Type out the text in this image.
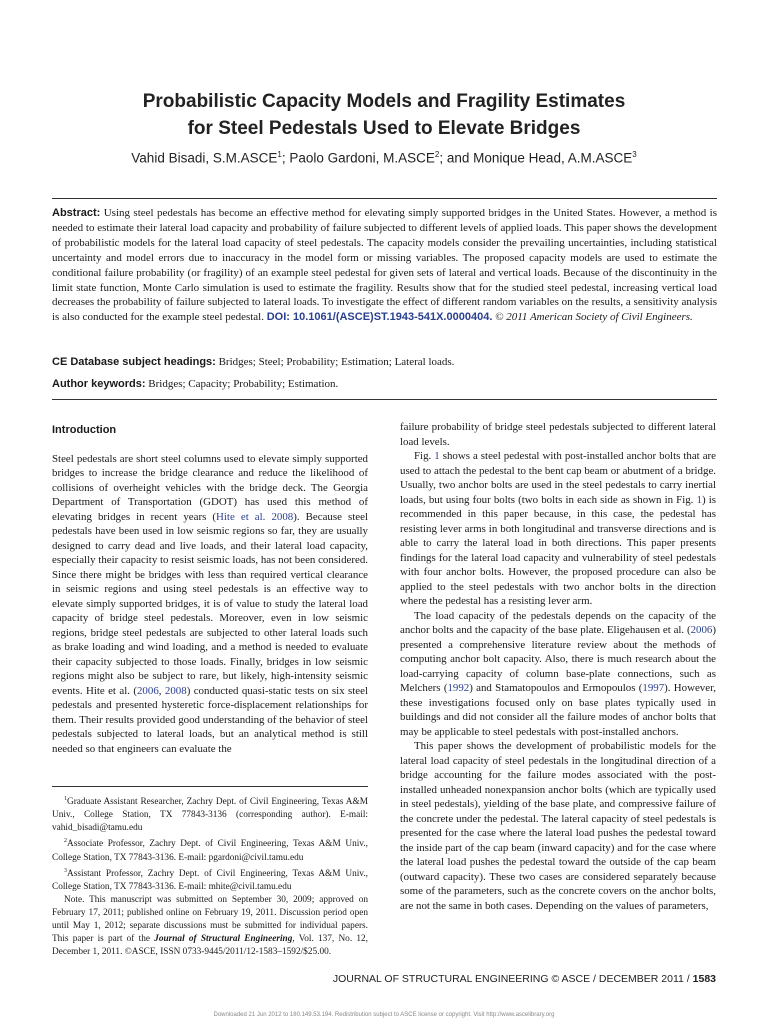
Probabilistic Capacity Models and Fragility Estimates
for Steel Pedestals Used to Elevate Bridges
Vahid Bisadi, S.M.ASCE$^1$; Paolo Gardoni, M.ASCE$^2$; and Monique Head, A.M.ASCE$^3$
Abstract: Using steel pedestals has become an effective method for elevating simply supported bridges in the United States. However, a method is needed to estimate their lateral load capacity and probability of failure subjected to different levels of applied loads. This paper shows the development of probabilistic models for the lateral load capacity of steel pedestals. The capacity models consider the prevailing uncertainties, including statistical uncertainty and model errors due to inaccuracy in the model form or missing variables. The proposed capacity models are used to estimate the conditional failure probability (or fragility) of an example steel pedestal for given sets of lateral and vertical loads. Because of the discontinuity in the limit state function, Monte Carlo simulation is used to estimate the fragility. Results show that for the studied steel pedestal, increasing vertical load decreases the probability of failure subjected to lateral loads. To investigate the effect of different random variables on the results, a sensitivity analysis is also conducted for the example steel pedestal. DOI: 10.1061/(ASCE)ST.1943-541X.0000404. © 2011 American Society of Civil Engineers.
CE Database subject headings: Bridges; Steel; Probability; Estimation; Lateral loads.
Author keywords: Bridges; Capacity; Probability; Estimation.
Introduction

Steel pedestals are short steel columns used to elevate simply supported bridges to increase the bridge clearance and reduce the likelihood of collisions of overheight vehicles with the bridge deck. The Georgia Department of Transportation (GDOT) has used this method of elevating bridges in recent years (Hite et al. 2008). Because steel pedestals have been used in low seismic regions so far, they are usually designed to carry dead and live loads, and their lateral load capacity, especially their capacity to resist seismic loads, has not been considered. Since there might be bridges with less than required vertical clearance in seismic regions and using steel pedestals is an effective way to elevate simply supported bridges, it is of value to study the lateral load capacity of bridge steel pedestals. Moreover, even in low seismic regions, bridge steel pedestals are subjected to other lateral loads such as brake loading and wind loading, and a method is needed to evaluate their capacity subjected to those loads. Finally, bridges in low seismic regions might also be subject to rare, but likely, high-intensity seismic events. Hite et al. (2006, 2008) conducted quasi-static tests on six steel pedestals and presented hysteretic force-displacement relationships for them. Their results provided good understanding of the behavior of steel pedestals subjected to lateral loads, but an analytical method is still needed so that engineers can evaluate the

$^1$Graduate Assistant Researcher, Zachry Dept. of Civil Engineering, Texas A&M Univ., College Station, TX 77843-3136 (corresponding author). E-mail: vahid_bisadi@tamu.edu

$^2$Associate Professor, Zachry Dept. of Civil Engineering, Texas A&M Univ., College Station, TX 77843-3136. E-mail: pgardoni@civil.tamu.edu

$^3$Assistant Professor, Zachry Dept. of Civil Engineering, Texas A&M Univ., College Station, TX 77843-3136. E-mail: mhite@civil.tamu.edu

Note. This manuscript was submitted on September 30, 2009; approved on February 17, 2011; published online on February 19, 2011. Discussion period open until May 1, 2012; separate discussions must be submitted for individual papers. This paper is part of the Journal of Structural Engineering, Vol. 137, No. 12, December 1, 2011. ©ASCE, ISSN 0733-9445/2011/12-1583–1592/$25.00.

failure probability of bridge steel pedestals subjected to different lateral load levels.

Fig. 1 shows a steel pedestal with post-installed anchor bolts that are used to attach the pedestal to the bent cap beam or abutment of a bridge. Usually, two anchor bolts are used in the steel pedestals to carry inertial loads, but using four bolts (two bolts in each side as shown in Fig. 1) is recommended in this paper because, in this case, the pedestal has resisting lever arms in both longitudinal and transverse directions and is able to carry the lateral load in both directions. This paper presents findings for the lateral load capacity and vulnerability of steel pedestals with four anchor bolts. However, the proposed procedure can also be applied to the steel pedestals with two anchor bolts in the direction where the pedestal has a resisting lever arm.

The load capacity of the pedestals depends on the capacity of the anchor bolts and the capacity of the base plate. Eligehausen et al. (2006) presented a comprehensive literature review about the methods of computing anchor bolt capacity. Also, there is much research about the load-carrying capacity of column base-plate connections, such as Melchers (1992) and Stamatopoulos and Ermopoulos (1997). However, these investigations focused only on base plates typically used in buildings and did not consider all the failure modes of anchor bolts that may be applicable to steel pedestals with post-installed anchors.

This paper shows the development of probabilistic models for the lateral load capacity of steel pedestals in the longitudinal direction of a bridge accounting for the failure modes associated with the post-installed unheaded nonexpansion anchor bolts (which are typically used in steel pedestals), yielding of the base plate, and compressive failure of the concrete under the pedestal. The lateral capacity of steel pedestals is presented for the case where the lateral load pushes the pedestal toward the inside part of the cap beam (inward capacity) and for the case where the lateral load pushes the pedestal toward the outside of the cap beam (outward capacity). These two cases are considered separately because some of the parameters, such as the concrete covers on the anchor bolts, are not the same in both cases. Depending on the values of parameters,

JOURNAL OF STRUCTURAL ENGINEERING © ASCE / DECEMBER 2011 / 1583
Downloaded 21 Jun 2012 to 180.149.53.194. Redistribution subject to ASCE license or copyright. Visit http://www.ascelibrary.org
